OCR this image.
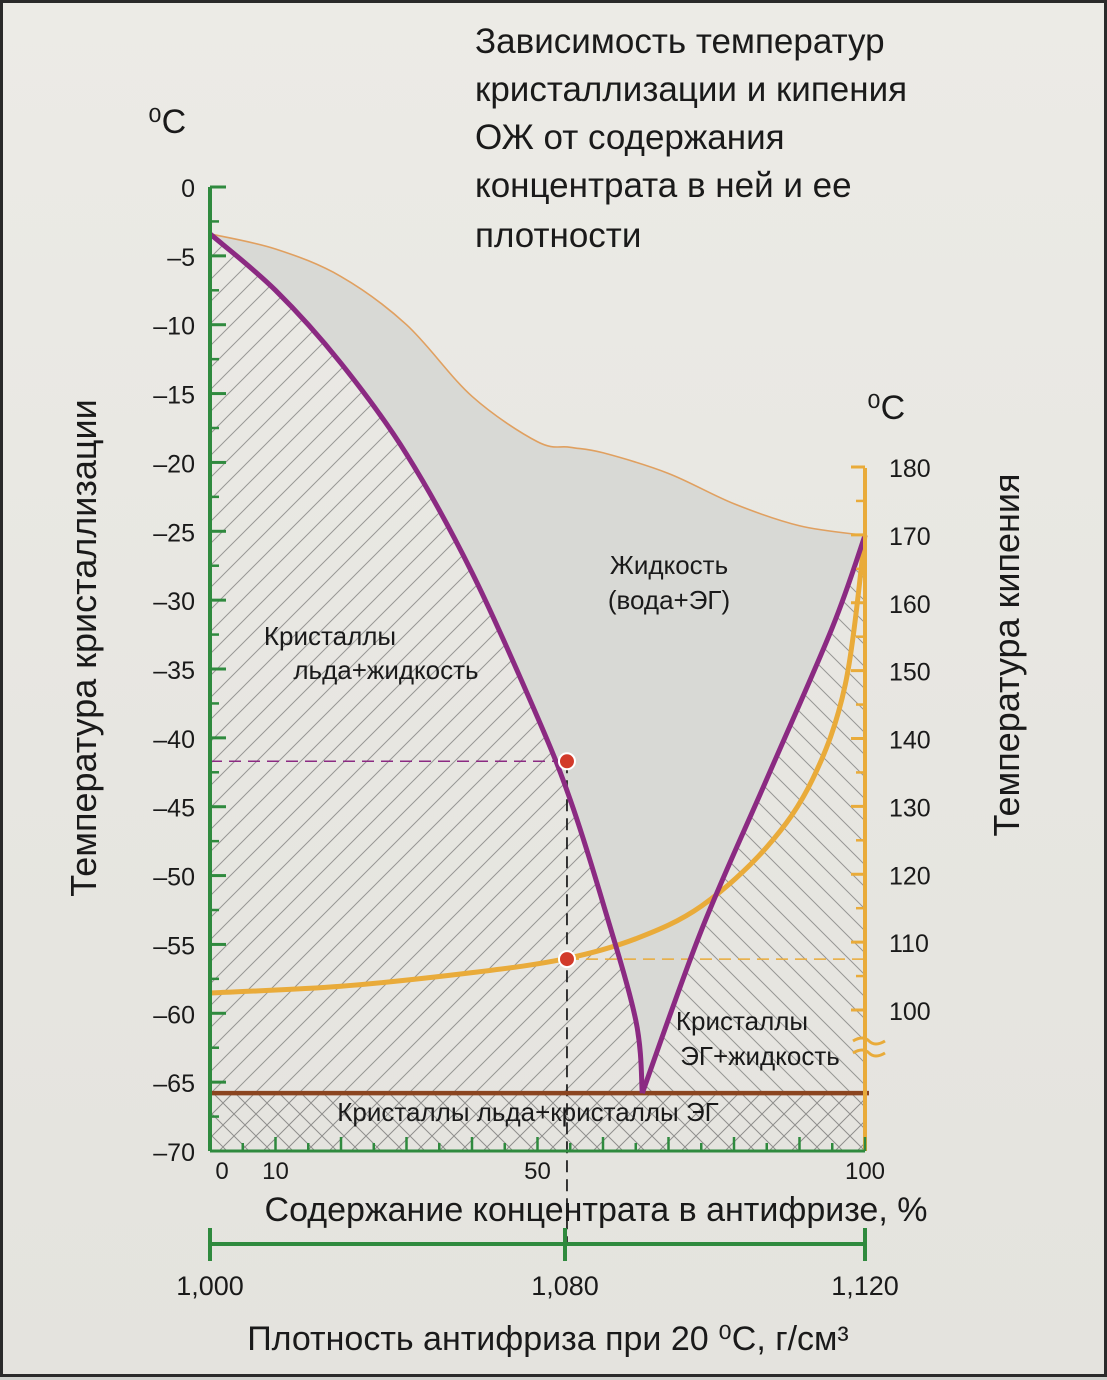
0
–5
–10
–15
–20
–25
–30
–35
–40
–45
–50
–55
–60
–65
–70
180
170
160
150
140
130
120
110
100
0 10	50	100
Зависимость температур
кристаллизации и кипения
ОЖ от содержания
концентрата в ней и ее
плотности
⁰C
⁰C
Температура кристаллизации	Температура кипения
Содержание концентрата в антифризе, %
Плотность антифриза при 20 ⁰С, г/см³
1,000	1,080	1,120
Жидкость
(вода+ЭГ)
Кристаллы
льда+жидкость
Кристаллы
ЭГ+жидкость
Кристаллы льда+кристаллы ЭГ
